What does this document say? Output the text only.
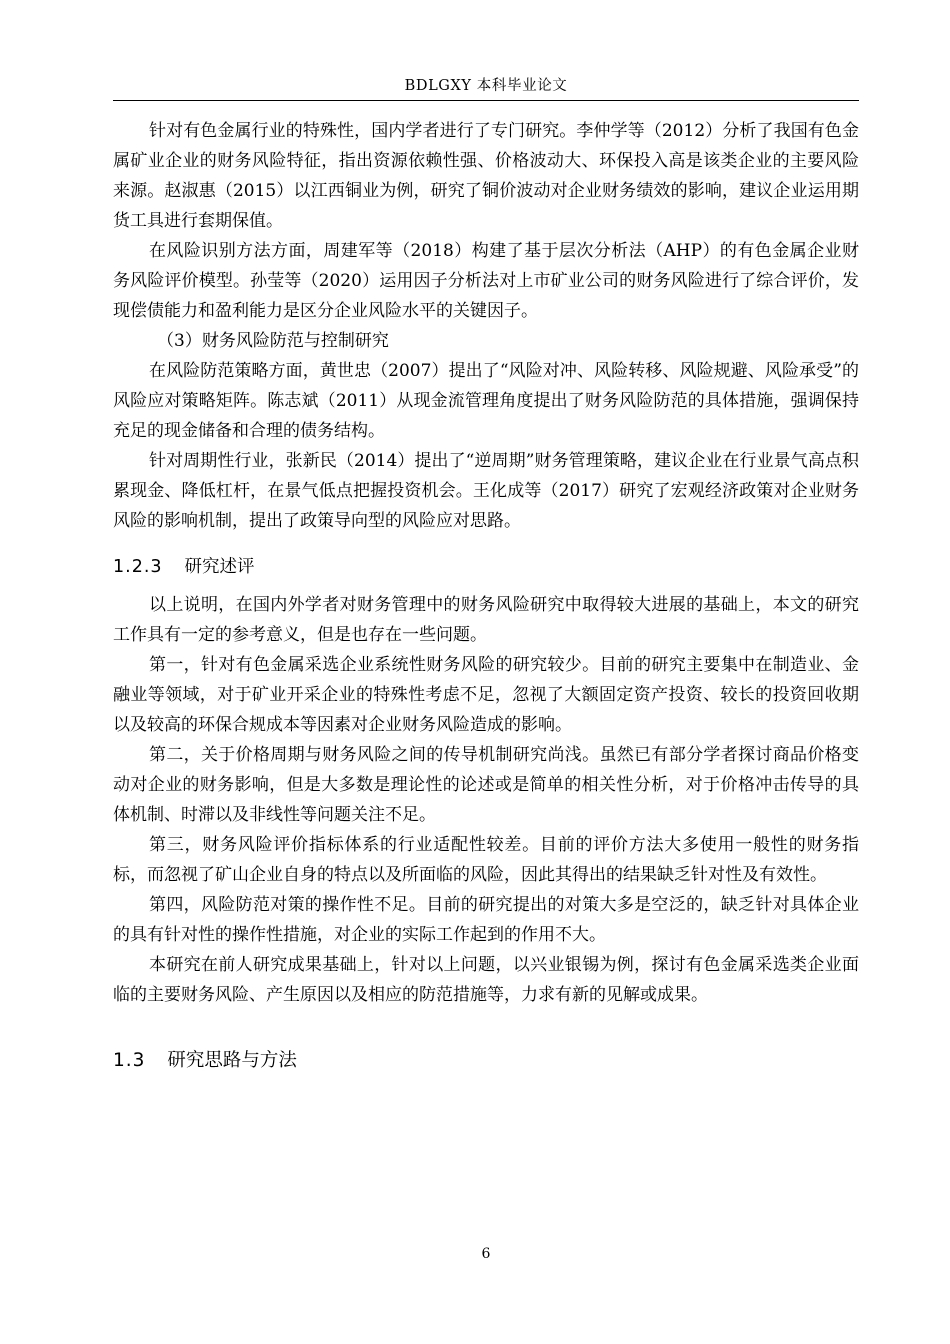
BDLGXY 本科毕业论文

针对有色金属行业的特殊性，国内学者进行了专门研究。李仲学等（2012）分析了我国有色金属矿业企业的财务风险特征，指出资源依赖性强、价格波动大、环保投入高是该类企业的主要风险来源。赵淑惠（2015）以江西铜业为例，研究了铜价波动对企业财务绩效的影响，建议企业运用期货工具进行套期保值。

在风险识别方法方面，周建军等（2018）构建了基于层次分析法（AHP）的有色金属企业财务风险评价模型。孙莹等（2020）运用因子分析法对上市矿业公司的财务风险进行了综合评价，发现偿债能力和盈利能力是区分企业风险水平的关键因子。

（3）财务风险防范与控制研究

在风险防范策略方面，黄世忠（2007）提出了“风险对冲、风险转移、风险规避、风险承受”的风险应对策略矩阵。陈志斌（2011）从现金流管理角度提出了财务风险防范的具体措施，强调保持充足的现金储备和合理的债务结构。

针对周期性行业，张新民（2014）提出了“逆周期”财务管理策略，建议企业在行业景气高点积累现金、降低杠杆，在景气低点把握投资机会。王化成等（2017）研究了宏观经济政策对企业财务风险的影响机制，提出了政策导向型的风险应对思路。

1.2.3 研究述评

以上说明，在国内外学者对财务管理中的财务风险研究中取得较大进展的基础上，本文的研究工作具有一定的参考意义，但是也存在一些问题。

第一，针对有色金属采选企业系统性财务风险的研究较少。目前的研究主要集中在制造业、金融业等领域，对于矿业开采企业的特殊性考虑不足，忽视了大额固定资产投资、较长的投资回收期以及较高的环保合规成本等因素对企业财务风险造成的影响。

第二，关于价格周期与财务风险之间的传导机制研究尚浅。虽然已有部分学者探讨商品价格变动对企业的财务影响，但是大多数是理论性的论述或是简单的相关性分析，对于价格冲击传导的具体机制、时滞以及非线性等问题关注不足。

第三，财务风险评价指标体系的行业适配性较差。目前的评价方法大多使用一般性的财务指标，而忽视了矿山企业自身的特点以及所面临的风险，因此其得出的结果缺乏针对性及有效性。

第四，风险防范对策的操作性不足。目前的研究提出的对策大多是空泛的，缺乏针对具体企业的具有针对性的操作性措施，对企业的实际工作起到的作用不大。

本研究在前人研究成果基础上，针对以上问题，以兴业银锡为例，探讨有色金属采选类企业面临的主要财务风险、产生原因以及相应的防范措施等，力求有新的见解或成果。

1.3 研究思路与方法
6
